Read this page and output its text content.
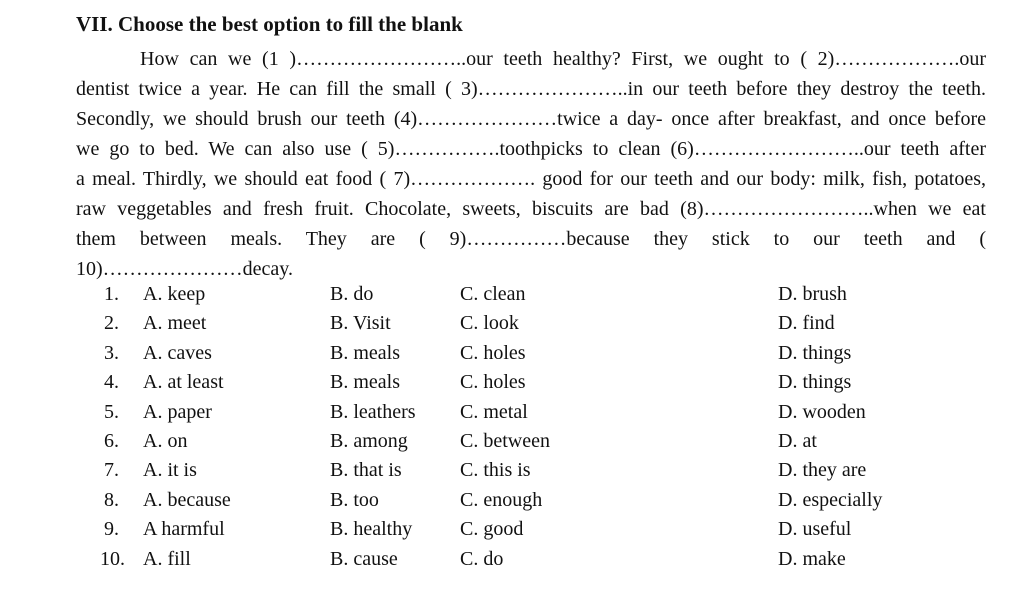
VII. Choose the best option to fill the blank
How can we (1 )……………………..our teeth healthy? First, we ought to ( 2)……………….our
dentist twice a year. He can fill the small ( 3)…………………..in our teeth before they destroy the teeth.
Secondly, we should brush our teeth (4)…………………twice a day- once after breakfast, and once before
we go to bed. We can also use ( 5)…………….toothpicks to clean (6)……………………..our teeth after
a meal. Thirdly, we should eat food ( 7)………………. good for our teeth and our body: milk, fish, potatoes,
raw veggetables and fresh fruit. Chocolate, sweets, biscuits are bad (8)……………………..when we eat
them between meals. They are ( 9)……………because they stick to our teeth and (
10)…………………decay.
1. A. keep	B. do	C. clean	D. brush
2. A. meet	B. Visit	C. look	D. find
3. A. caves	B. meals	C. holes	D. things
4. A. at least	B. meals	C. holes	D. things
5. A. paper	B. leathers C. metal	D. wooden
6. A. on	B. among	C. between	D. at
7. A. it is	B. that is	C. this is	D. they are
8. A. because	B. too	C. enough	D. especially
9. A harmful	B. healthy C. good	D. useful
10. A. fill	B. cause	C. do	D. make
